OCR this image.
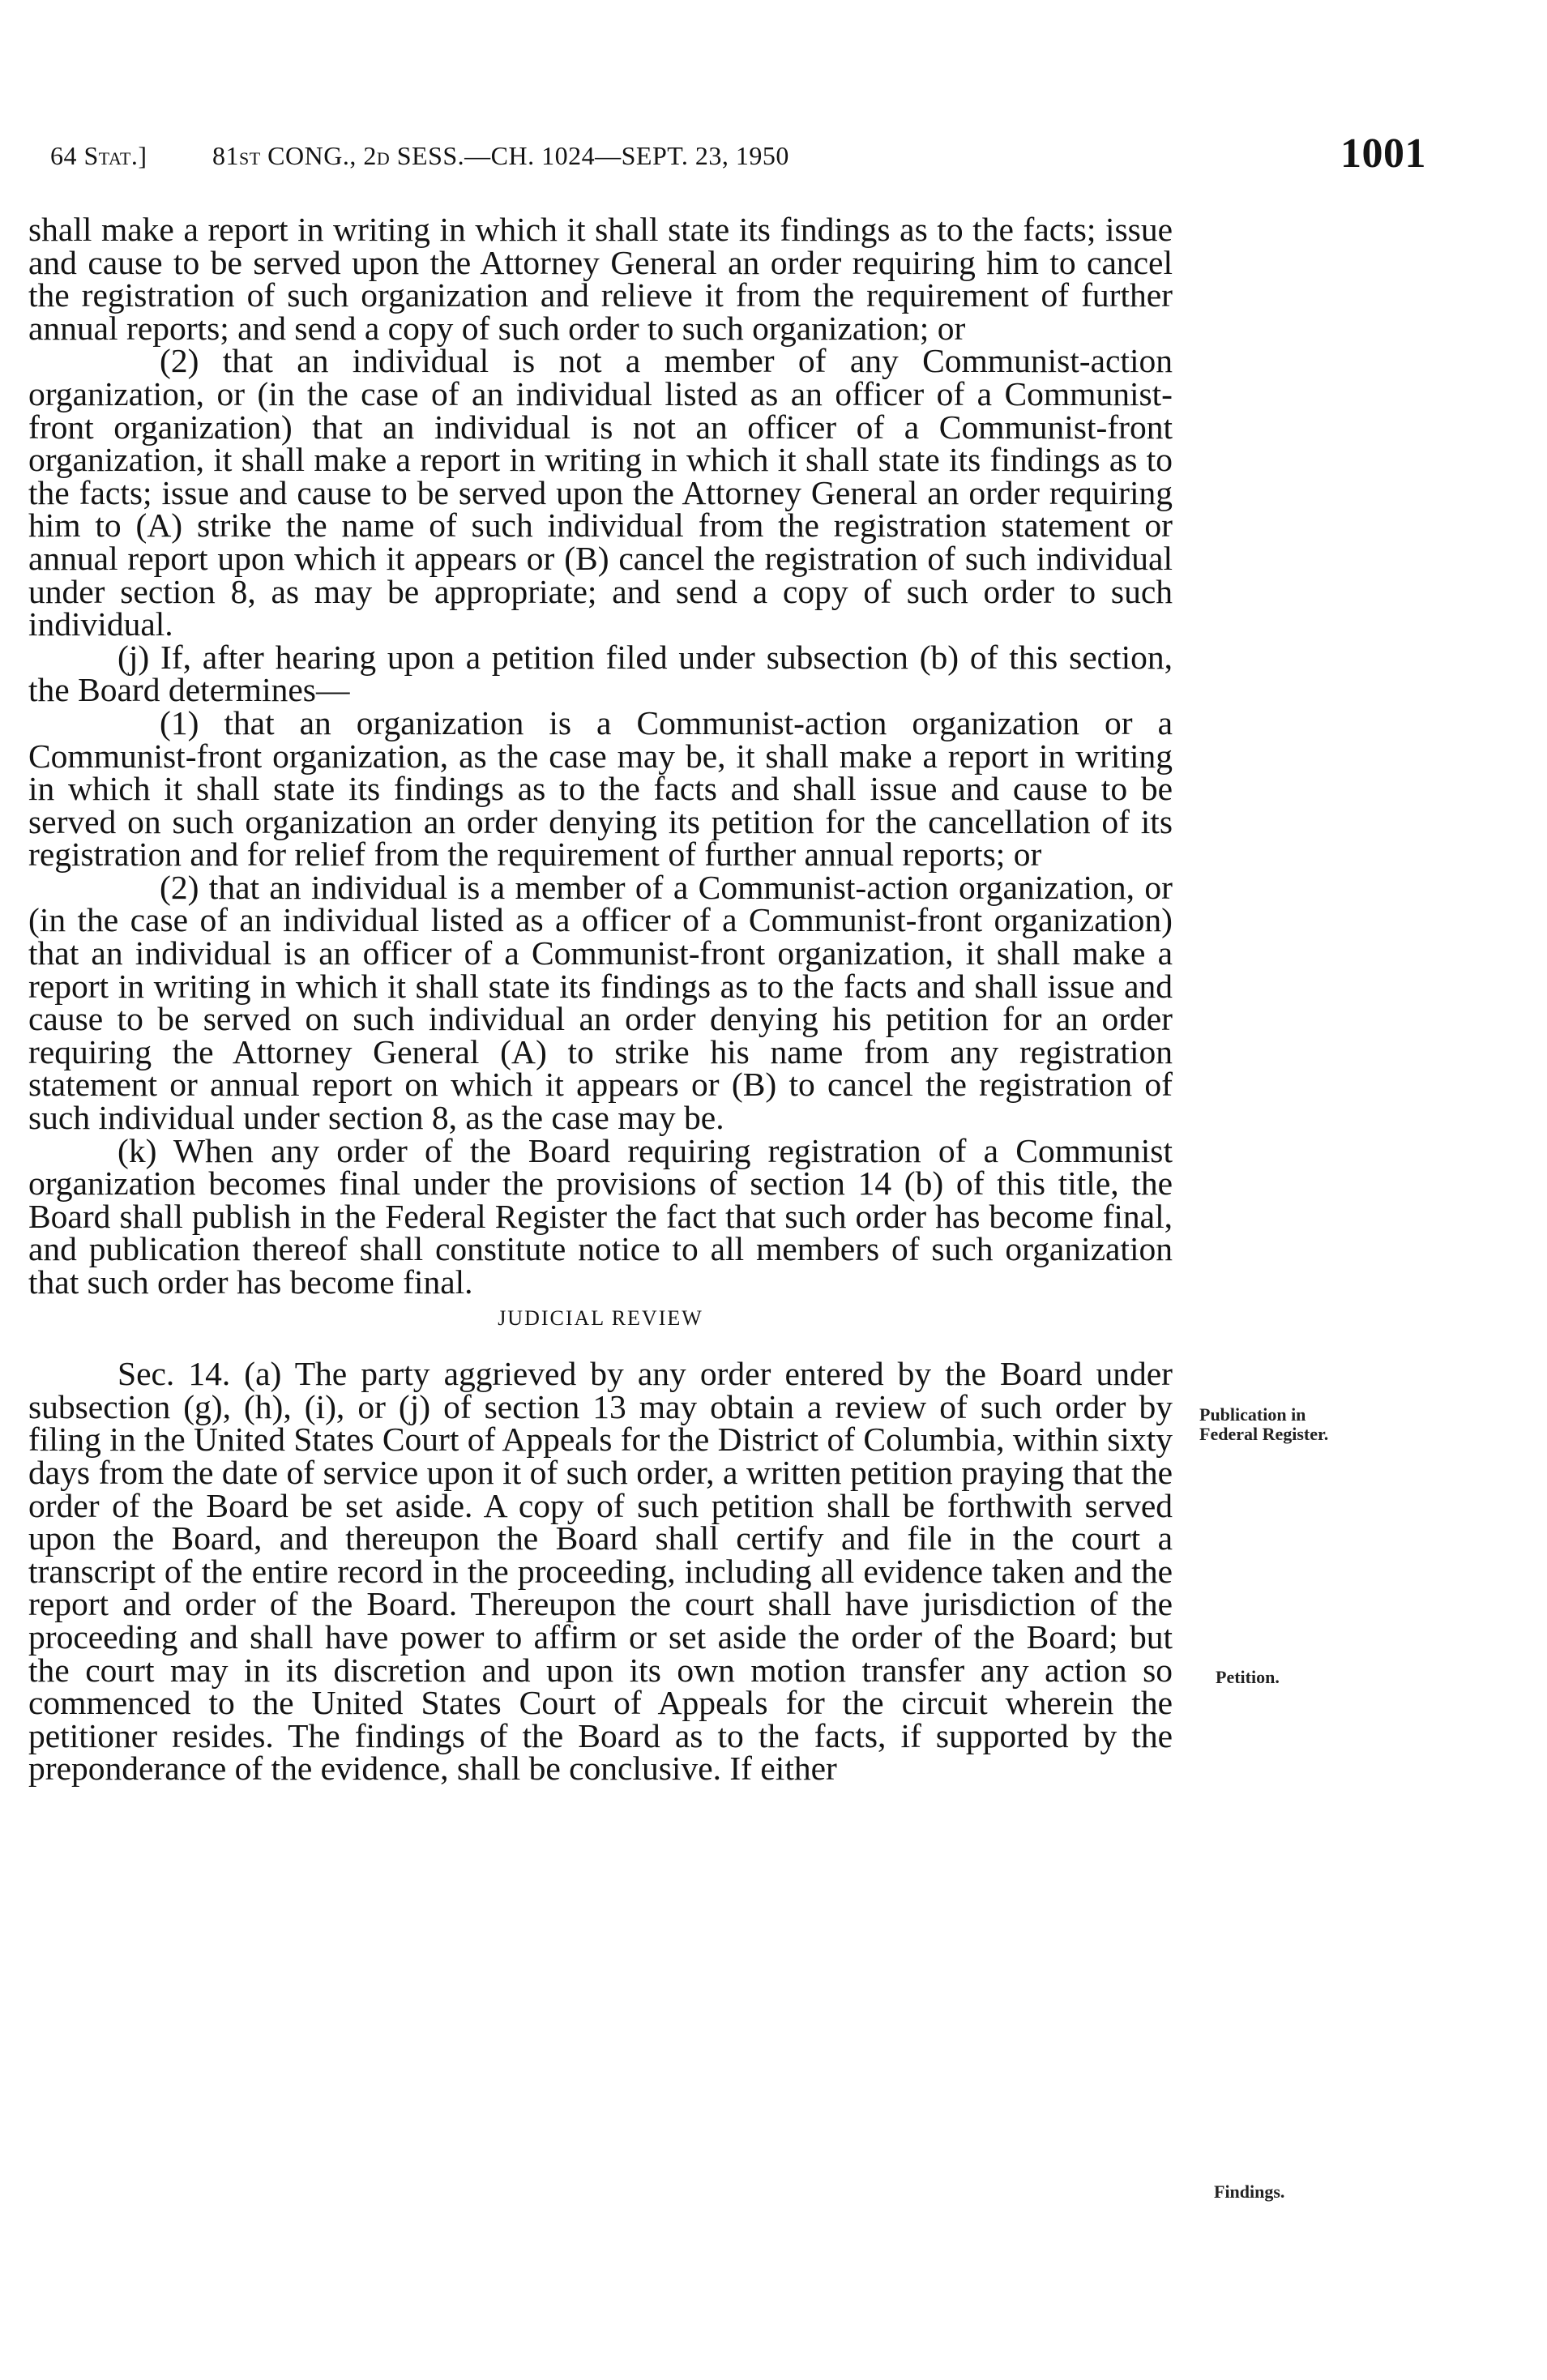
64 Stat.]	81st CONG., 2d SESS.—CH. 1024—SEPT. 23, 1950	1001

shall make a report in writing in which it shall state its findings as to the facts; issue and cause to be served upon the Attorney General an order requiring him to cancel the registration of such organization and relieve it from the requirement of further annual reports; and send a copy of such order to such organization; or

(2) that an individual is not a member of any Communist-action organization, or (in the case of an individual listed as an officer of a Communist-front organization) that an individual is not an officer of a Communist-front organization, it shall make a report in writing in which it shall state its findings as to the facts; issue and cause to be served upon the Attorney General an order requiring him to (A) strike the name of such individual from the registration statement or annual report upon which it appears or (B) cancel the registration of such individual under section 8, as may be appropriate; and send a copy of such order to such individual.

(j) If, after hearing upon a petition filed under subsection (b) of this section, the Board determines—

(1) that an organization is a Communist-action organization or a Communist-front organization, as the case may be, it shall make a report in writing in which it shall state its findings as to the facts and shall issue and cause to be served on such organization an order denying its petition for the cancellation of its registration and for relief from the requirement of further annual reports; or

(2) that an individual is a member of a Communist-action organization, or (in the case of an individual listed as a officer of a Communist-front organization) that an individual is an officer of a Communist-front organization, it shall make a report in writing in which it shall state its findings as to the facts and shall issue and cause to be served on such individual an order denying his petition for an order requiring the Attorney General (A) to strike his name from any registration statement or annual report on which it appears or (B) to cancel the registration of such individual under section 8, as the case may be.

(k) When any order of the Board requiring registration of a Communist organization becomes final under the provisions of section 14 (b) of this title, the Board shall publish in the Federal Register the fact that such order has become final, and publication thereof shall constitute notice to all members of such organization that such order has become final.

JUDICIAL REVIEW

Sec. 14. (a) The party aggrieved by any order entered by the Board under subsection (g), (h), (i), or (j) of section 13 may obtain a review of such order by filing in the United States Court of Appeals for the District of Columbia, within sixty days from the date of service upon it of such order, a written petition praying that the order of the Board be set aside. A copy of such petition shall be forthwith served upon the Board, and thereupon the Board shall certify and file in the court a transcript of the entire record in the proceeding, including all evidence taken and the report and order of the Board. Thereupon the court shall have jurisdiction of the proceeding and shall have power to affirm or set aside the order of the Board; but the court may in its discretion and upon its own motion transfer any action so commenced to the United States Court of Appeals for the circuit wherein the petitioner resides. The findings of the Board as to the facts, if supported by the preponderance of the evidence, shall be conclusive. If either

Publication in Federal Register.
Petition.
Findings.
